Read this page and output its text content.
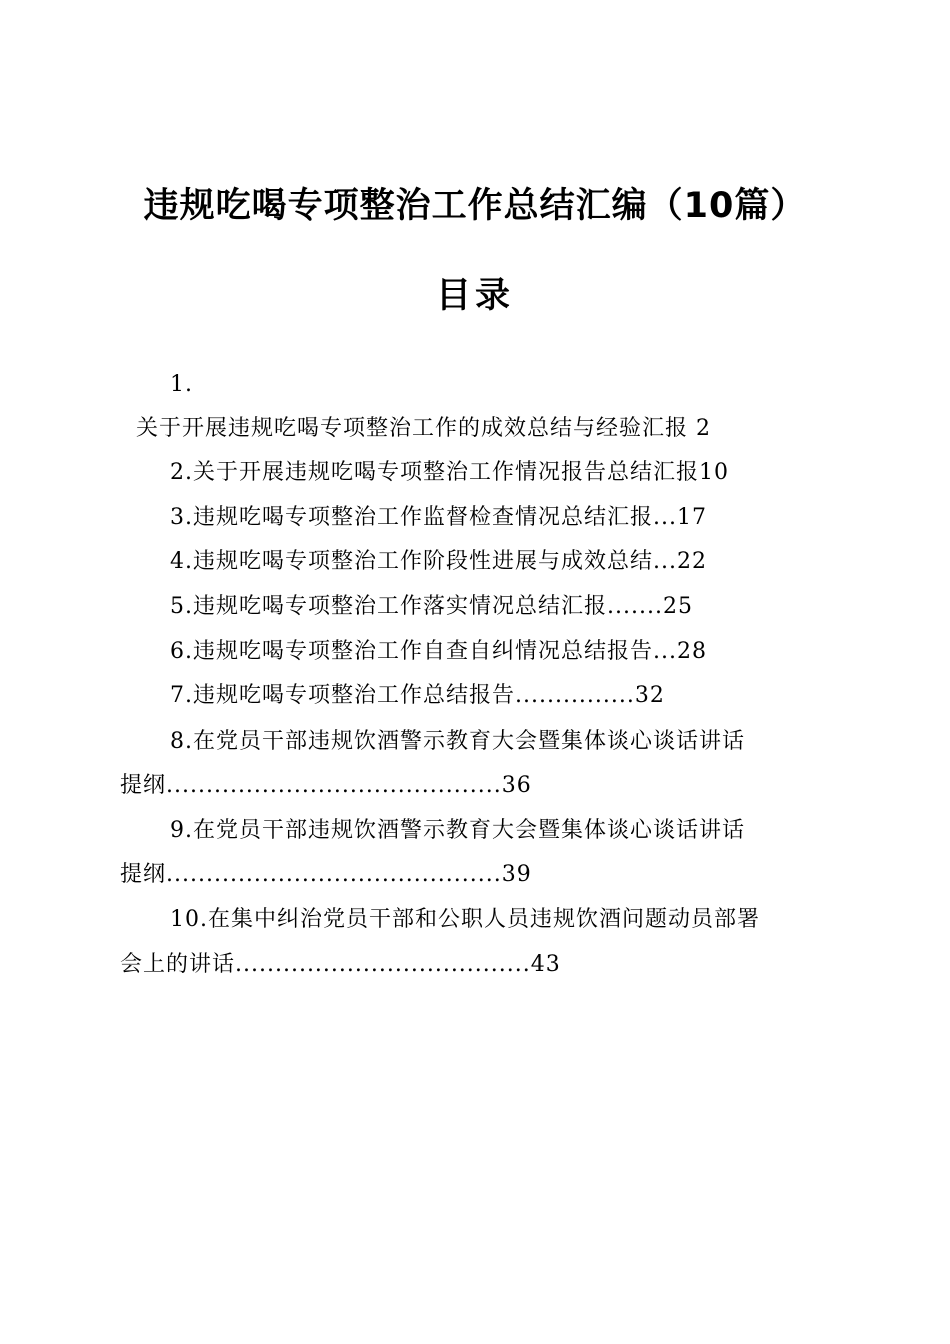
违规吃喝专项整治工作总结汇编（10篇）
目录
1.
关于开展违规吃喝专项整治工作的成效总结与经验汇报 2
2.关于开展违规吃喝专项整治工作情况报告总结汇报10
3.违规吃喝专项整治工作监督检查情况总结汇报...17
4.违规吃喝专项整治工作阶段性进展与成效总结...22
5.违规吃喝专项整治工作落实情况总结汇报.......25
6.违规吃喝专项整治工作自查自纠情况总结报告...28
7.违规吃喝专项整治工作总结报告...............32
8.在党员干部违规饮酒警示教育大会暨集体谈心谈话讲话
提纲..........................................36
9.在党员干部违规饮酒警示教育大会暨集体谈心谈话讲话
提纲..........................................39
10.在集中纠治党员干部和公职人员违规饮酒问题动员部署
会上的讲话.....................................43
